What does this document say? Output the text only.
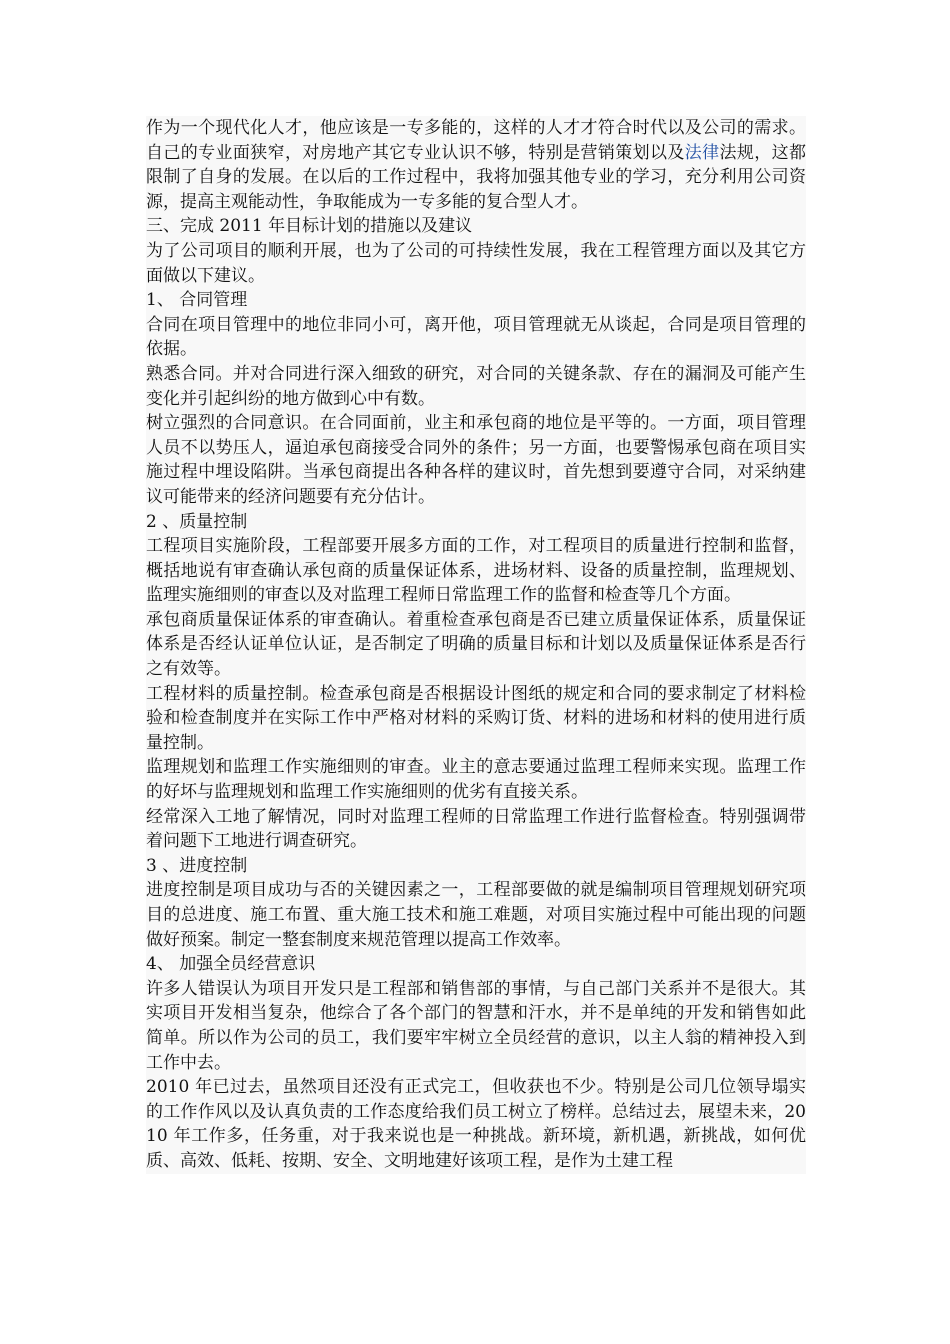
作为一个现代化人才，他应该是一专多能的，这样的人才才符合时代以及公司的需求。自己的专业面狭窄，对房地产其它专业认识不够，特别是营销策划以及法律法规，这都限制了自身的发展。在以后的工作过程中，我将加强其他专业的学习，充分利用公司资源，提高主观能动性，争取能成为一专多能的复合型人才。

三、完成 2011 年目标计划的措施以及建议

为了公司项目的顺利开展，也为了公司的可持续性发展，我在工程管理方面以及其它方面做以下建议。

1、 合同管理

合同在项目管理中的地位非同小可，离开他，项目管理就无从谈起，合同是项目管理的依据。

熟悉合同。并对合同进行深入细致的研究，对合同的关键条款、存在的漏洞及可能产生变化并引起纠纷的地方做到心中有数。

树立强烈的合同意识。在合同面前，业主和承包商的地位是平等的。一方面，项目管理人员不以势压人，逼迫承包商接受合同外的条件；另一方面，也要警惕承包商在项目实施过程中埋设陷阱。当承包商提出各种各样的建议时，首先想到要遵守合同，对采纳建议可能带来的经济问题要有充分估计。

2 、质量控制

工程项目实施阶段，工程部要开展多方面的工作，对工程项目的质量进行控制和监督，概括地说有审查确认承包商的质量保证体系，进场材料、设备的质量控制，监理规划、监理实施细则的审查以及对监理工程师日常监理工作的监督和检查等几个方面。

承包商质量保证体系的审查确认。着重检查承包商是否已建立质量保证体系，质量保证体系是否经认证单位认证，是否制定了明确的质量目标和计划以及质量保证体系是否行之有效等。

工程材料的质量控制。检查承包商是否根据设计图纸的规定和合同的要求制定了材料检验和检查制度并在实际工作中严格对材料的采购订货、材料的进场和材料的使用进行质量控制。

监理规划和监理工作实施细则的审查。业主的意志要通过监理工程师来实现。监理工作的好坏与监理规划和监理工作实施细则的优劣有直接关系。

经常深入工地了解情况，同时对监理工程师的日常监理工作进行监督检查。特别强调带着问题下工地进行调查研究。

3 、进度控制

进度控制是项目成功与否的关键因素之一，工程部要做的就是编制项目管理规划研究项目的总进度、施工布置、重大施工技术和施工难题，对项目实施过程中可能出现的问题做好预案。制定一整套制度来规范管理以提高工作效率。

4、 加强全员经营意识

许多人错误认为项目开发只是工程部和销售部的事情，与自己部门关系并不是很大。其实项目开发相当复杂，他综合了各个部门的智慧和汗水，并不是单纯的开发和销售如此简单。所以作为公司的员工，我们要牢牢树立全员经营的意识，以主人翁的精神投入到工作中去。

2010 年已过去，虽然项目还没有正式完工，但收获也不少。特别是公司几位领导塌实的工作作风以及认真负责的工作态度给我们员工树立了榜样。总结过去，展望未来，2010 年工作多，任务重，对于我来说也是一种挑战。新环境，新机遇，新挑战，如何优质、高效、低耗、按期、安全、文明地建好该项工程，是作为土建工程
